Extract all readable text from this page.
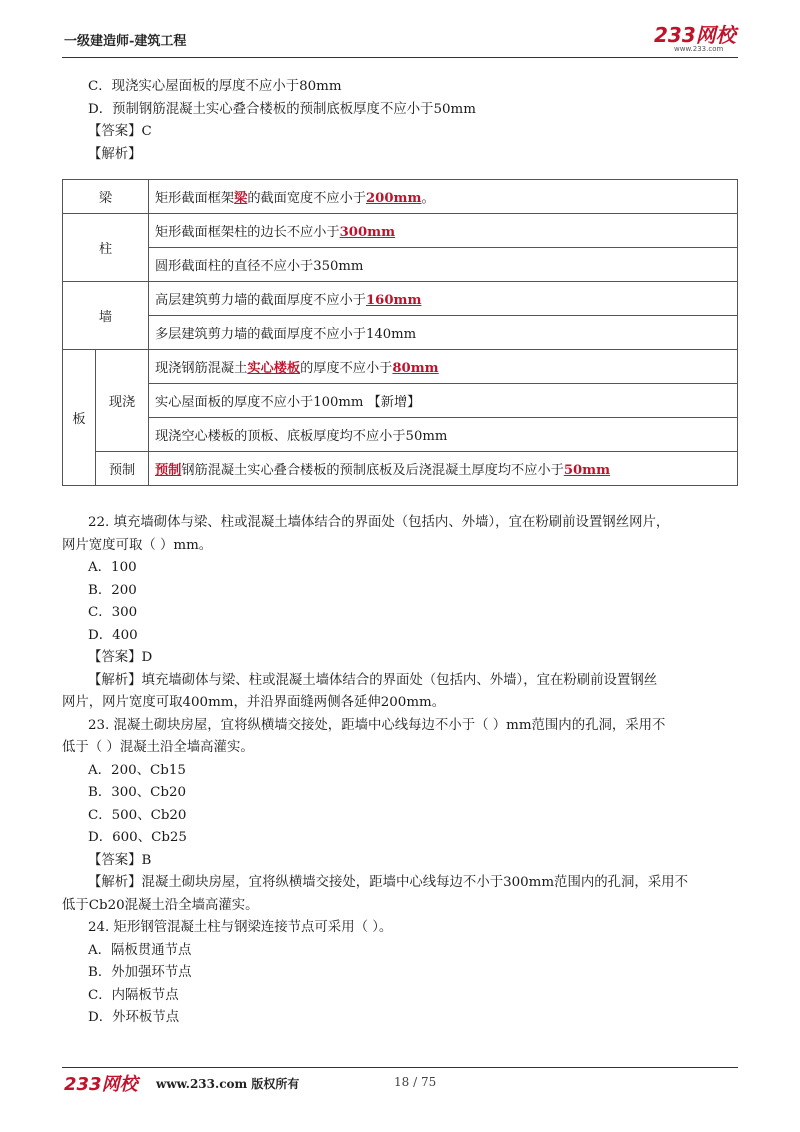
一级建造师-建筑工程	233网校
www.233.com
C．现浇实心屋面板的厚度不应小于80mm
D．预制钢筋混凝土实心叠合楼板的预制底板厚度不应小于50mm
【答案】C
【解析】
梁		矩形截面框架梁的截面宽度不应小于200mm。
柱		矩形截面框架柱的边长不应小于300mm
		圆形截面柱的直径不应小于350mm
墙		高层建筑剪力墙的截面厚度不应小于160mm
		多层建筑剪力墙的截面厚度不应小于140mm
板	现浇	现浇钢筋混凝土实心楼板的厚度不应小于80mm
		实心屋面板的厚度不应小于100mm 【新增】
		现浇空心楼板的顶板、底板厚度均不应小于50mm
	预制	预制钢筋混凝土实心叠合楼板的预制底板及后浇混凝土厚度均不应小于50mm
22. 填充墙砌体与梁、柱或混凝土墙体结合的界面处（包括内、外墙），宜在粉刷前设置钢丝网片，
网片宽度可取（ ）mm。
A．100
B．200
C．300
D．400
【答案】D
【解析】填充墙砌体与梁、柱或混凝土墙体结合的界面处（包括内、外墙），宜在粉刷前设置钢丝
网片，网片宽度可取400mm，并沿界面缝两侧各延伸200mm。
23. 混凝土砌块房屋，宜将纵横墙交接处，距墙中心线每边不小于（ ）mm范围内的孔洞，采用不
低于（ ）混凝土沿全墙高灌实。
A．200、Cb15
B．300、Cb20
C．500、Cb20
D．600、Cb25
【答案】B
【解析】混凝土砌块房屋，宜将纵横墙交接处，距墙中心线每边不小于300mm范围内的孔洞，采用不
低于Cb20混凝土沿全墙高灌实。
24. 矩形钢管混凝土柱与钢梁连接节点可采用（ ）。
A．隔板贯通节点
B．外加强环节点
C．内隔板节点
D．外环板节点
233网校 www.233.com 版权所有	18 / 75
